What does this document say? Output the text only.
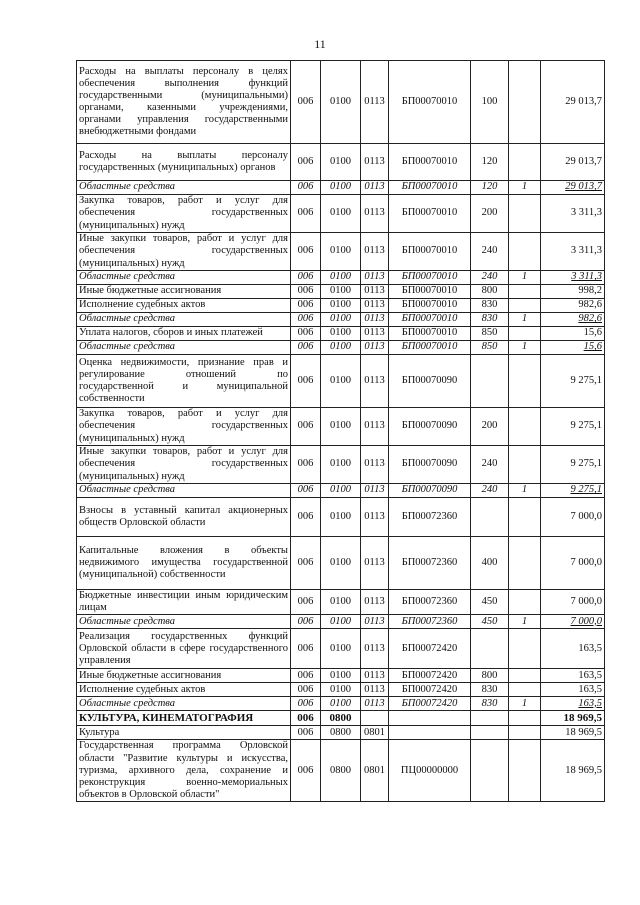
11
Расходы на выплаты персоналу в целях обеспечения выполнения функций государственными (муниципальными) органами, казенными учреждениями, органами управления государственными внебюджетными фондами	006	0100	0113	БП00070010	100		29 013,7
Расходы на выплаты персоналу государственных (муниципальных) органов	006	0100	0113	БП00070010	120		29 013,7
Областные средства	006	0100	0113	БП00070010	120	1	29 013,7
Закупка товаров, работ и услуг для обеспечения государственных (муниципальных) нужд	006	0100	0113	БП00070010	200		3 311,3
Иные закупки товаров, работ и услуг для обеспечения государственных (муниципальных) нужд	006	0100	0113	БП00070010	240		3 311,3
Областные средства	006	0100	0113	БП00070010	240	1	3 311,3
Иные бюджетные ассигнования	006	0100	0113	БП00070010	800		998,2
Исполнение судебных актов	006	0100	0113	БП00070010	830		982,6
Областные средства	006	0100	0113	БП00070010	830	1	982,6
Уплата налогов, сборов и иных платежей	006	0100	0113	БП00070010	850		15,6
Областные средства	006	0100	0113	БП00070010	850	1	15,6
Оценка недвижимости, признание прав и регулирование отношений по государственной и муниципальной собственности	006	0100	0113	БП00070090			9 275,1
Закупка товаров, работ и услуг для обеспечения государственных (муниципальных) нужд	006	0100	0113	БП00070090	200		9 275,1
Иные закупки товаров, работ и услуг для обеспечения государственных (муниципальных) нужд	006	0100	0113	БП00070090	240		9 275,1
Областные средства	006	0100	0113	БП00070090	240	1	9 275,1
Взносы в уставный капитал акционерных обществ Орловской области	006	0100	0113	БП00072360			7 000,0
Капитальные вложения в объекты недвижимого имущества государственной (муниципальной) собственности	006	0100	0113	БП00072360	400		7 000,0
Бюджетные инвестиции иным юридическим лицам	006	0100	0113	БП00072360	450		7 000,0
Областные средства	006	0100	0113	БП00072360	450	1	7 000,0
Реализация государственных функций Орловской области в сфере государственного управления	006	0100	0113	БП00072420			163,5
Иные бюджетные ассигнования	006	0100	0113	БП00072420	800		163,5
Исполнение судебных актов	006	0100	0113	БП00072420	830		163,5
Областные средства	006	0100	0113	БП00072420	830	1	163,5
КУЛЬТУРА, КИНЕМАТОГРАФИЯ	006	0800					18 969,5
Культура	006	0800	0801				18 969,5
Государственная программа Орловской области "Развитие культуры и искусства, туризма, архивного дела, сохранение и реконструкция военно-мемориальных объектов в Орловской области"	006	0800	0801	ПЦ00000000			18 969,5
